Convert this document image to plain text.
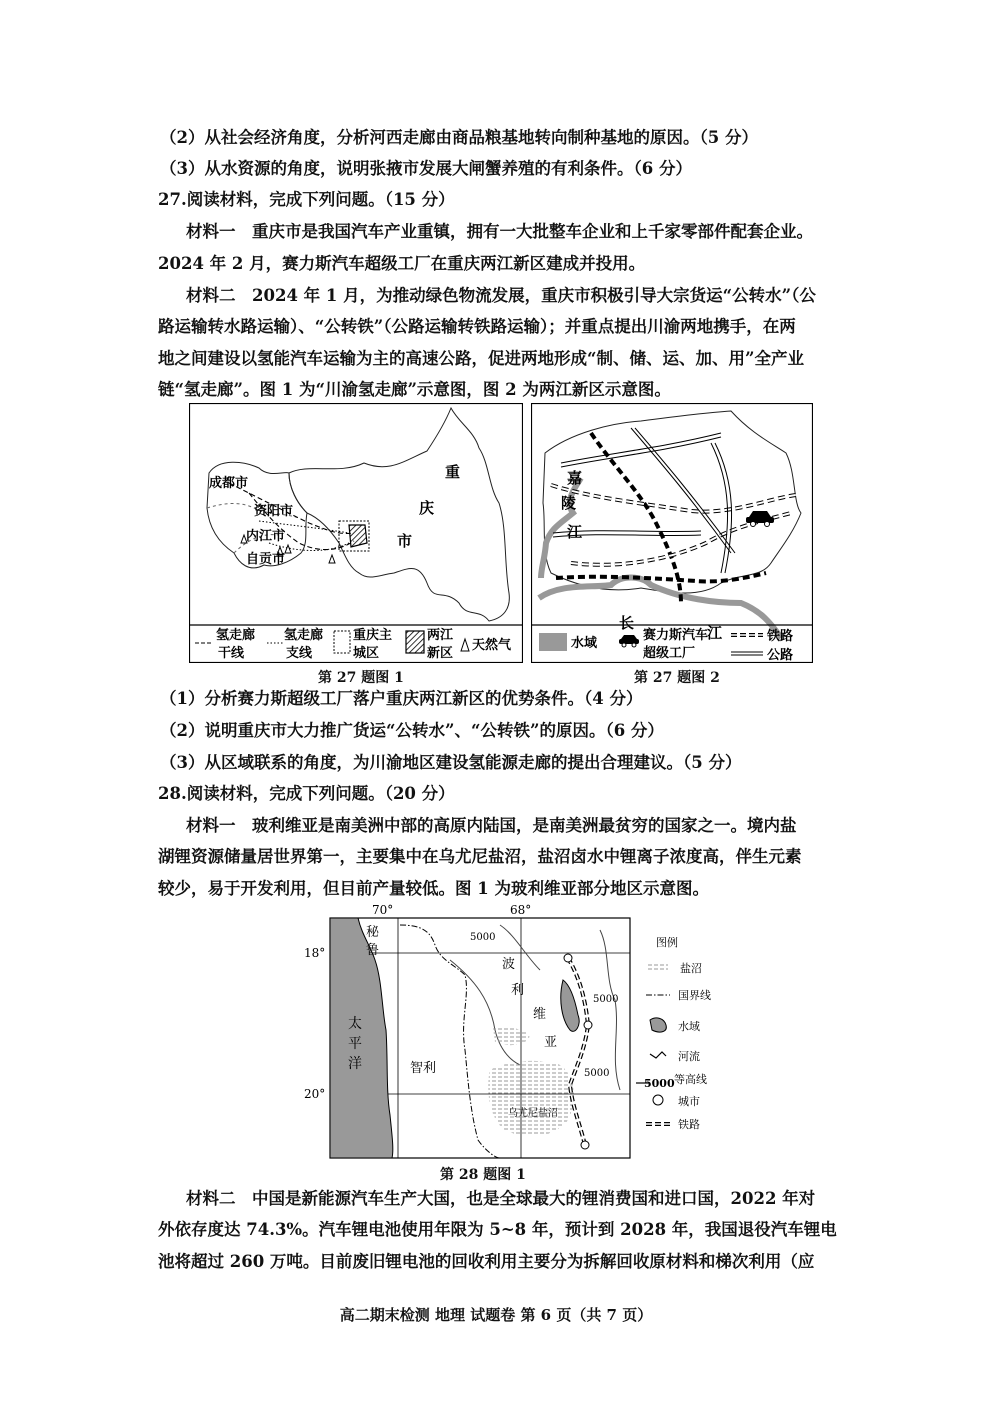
（2）从社会经济角度，分析河西走廊由商品粮基地转向制种基地的原因。（5 分）
（3）从水资源的角度，说明张掖市发展大闸蟹养殖的有利条件。（6 分）
27.阅读材料，完成下列问题。（15 分）
材料一　重庆市是我国汽车产业重镇，拥有一大批整车企业和上千家零部件配套企业。
2024 年 2 月，赛力斯汽车超级工厂在重庆两江新区建成并投用。
材料二　2024 年 1 月，为推动绿色物流发展，重庆市积极引导大宗货运“公转水”（公
路运输转水路运输）、“公转铁”（公路运输转铁路运输）；并重点提出川渝两地携手，在两
地之间建设以氢能汽车运输为主的高速公路，促进两地形成“制、储、运、加、用”全产业
链“氢走廊”。图 1 为“川渝氢走廊”示意图，图 2 为两江新区示意图。
成都市
资阳市
内江市
自贡市
重
庆
市
氢走廊
干线
氢走廊
支线
重庆主
城区
两江
新区
天然气
第 27 题图 1
嘉
陵
江
长
江
水域
赛力斯汽车
超级工厂
铁路
公路
第 27 题图 2
（1）分析赛力斯超级工厂落户重庆两江新区的优势条件。（4 分）
（2）说明重庆市大力推广货运“公转水”、“公转铁”的原因。（6 分）
（3）从区域联系的角度，为川渝地区建设氢能源走廊的提出合理建议。（5 分）
28.阅读材料，完成下列问题。（20 分）
材料一　玻利维亚是南美洲中部的高原内陆国，是南美洲最贫穷的国家之一。境内盐
湖锂资源储量居世界第一，主要集中在乌尤尼盐沼，盐沼卤水中锂离子浓度高，伴生元素
较少，易于开发利用，但目前产量较低。图 1 为玻利维亚部分地区示意图。
70°	68°
18°
20°
5000
5000
5000
秘
鲁
太
平
洋	智利
波
利
维
亚
乌尤尼盐沼
图例
盐沼
国界线
水域
河流
5000 等高线
城市
铁路
第 28 题图 1
材料二　中国是新能源汽车生产大国，也是全球最大的锂消费国和进口国，2022 年对
外依存度达 74.3%。汽车锂电池使用年限为 5~8 年，预计到 2028 年，我国退役汽车锂电
池将超过 260 万吨。目前废旧锂电池的回收利用主要分为拆解回收原材料和梯次利用（应
高二期末检测 地理 试题卷 第 6 页（共 7 页）
